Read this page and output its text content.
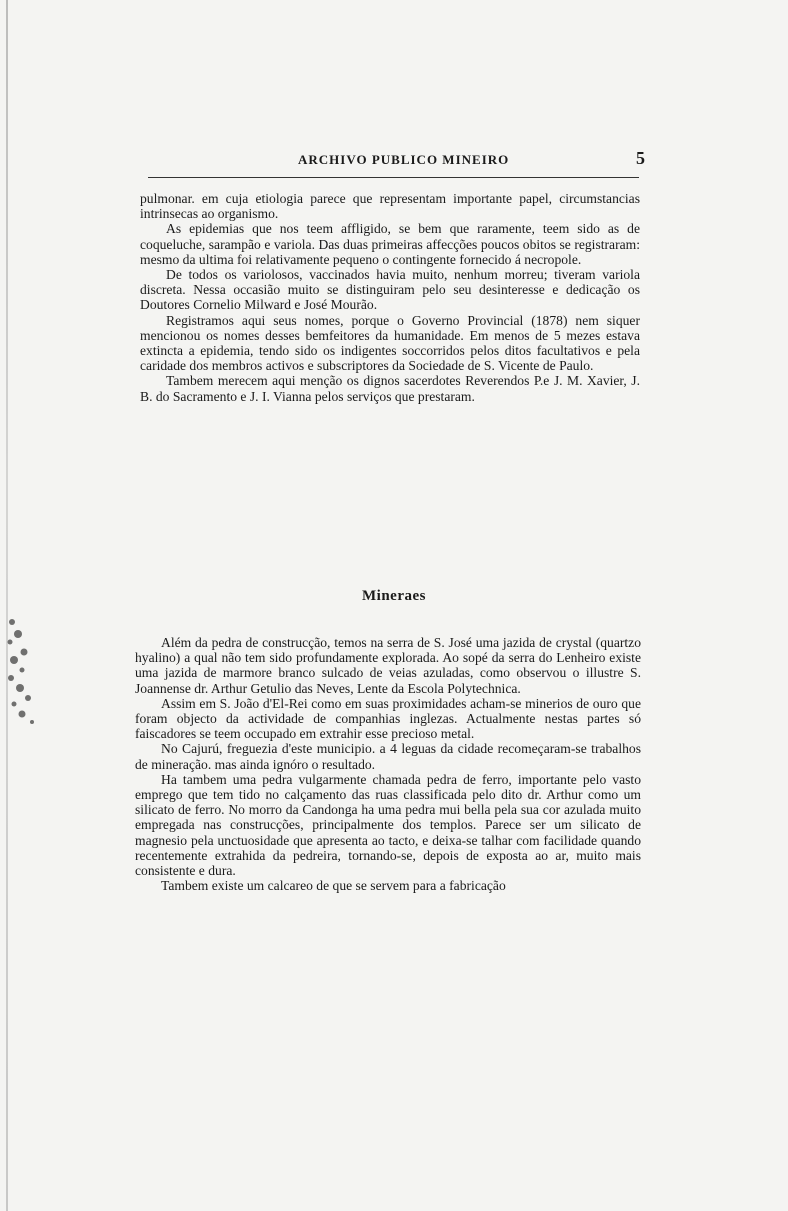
ARCHIVO PUBLICO MINEIRO	5

pulmonar. em cuja etiologia parece que representam importante papel, circumstancias intrinsecas ao organismo.

As epidemias que nos teem affligido, se bem que raramente, teem sido as de coqueluche, sarampão e variola. Das duas primeiras affecções poucos obitos se registraram: mesmo da ultima foi relativamente pequeno o contingente fornecido á necropole.

De todos os variolosos, vaccinados havia muito, nenhum morreu; tiveram variola discreta. Nessa occasião muito se distinguiram pelo seu desinteresse e dedicação os Doutores Cornelio Milward e José Mourão.

Registramos aqui seus nomes, porque o Governo Provincial (1878) nem siquer mencionou os nomes desses bemfeitores da humanidade. Em menos de 5 mezes estava extincta a epidemia, tendo sido os indigentes soccorridos pelos ditos facultativos e pela caridade dos membros activos e subscriptores da Sociedade de S. Vicente de Paulo.

Tambem merecem aqui menção os dignos sacerdotes Reverendos P.e J. M. Xavier, J. B. do Sacramento e J. I. Vianna pelos serviços que prestaram.

Mineraes

Além da pedra de construcção, temos na serra de S. José uma jazida de crystal (quartzo hyalino) a qual não tem sido profundamente explorada. Ao sopé da serra do Lenheiro existe uma jazida de marmore branco sulcado de veias azuladas, como observou o illustre S. Joannense dr. Arthur Getulio das Neves, Lente da Escola Polytechnica.

Assim em S. João d'El-Rei como em suas proximidades acham-se minerios de ouro que foram objecto da actividade de companhias inglezas. Actualmente nestas partes só faiscadores se teem occupado em extrahir esse precioso metal.

No Cajurú, freguezia d'este municipio. a 4 leguas da cidade recomeçaram-se trabalhos de mineração. mas ainda ignóro o resultado.

Ha tambem uma pedra vulgarmente chamada pedra de ferro, importante pelo vasto emprego que tem tido no calçamento das ruas classificada pelo dito dr. Arthur como um silicato de ferro. No morro da Candonga ha uma pedra mui bella pela sua cor azulada muito empregada nas construcções, principalmente dos templos. Parece ser um silicato de magnesio pela unctuosidade que apresenta ao tacto, e deixa-se talhar com facilidade quando recentemente extrahida da pedreira, tornando-se, depois de exposta ao ar, muito mais consistente e dura.

Tambem existe um calcareo de que se servem para a fabricação
